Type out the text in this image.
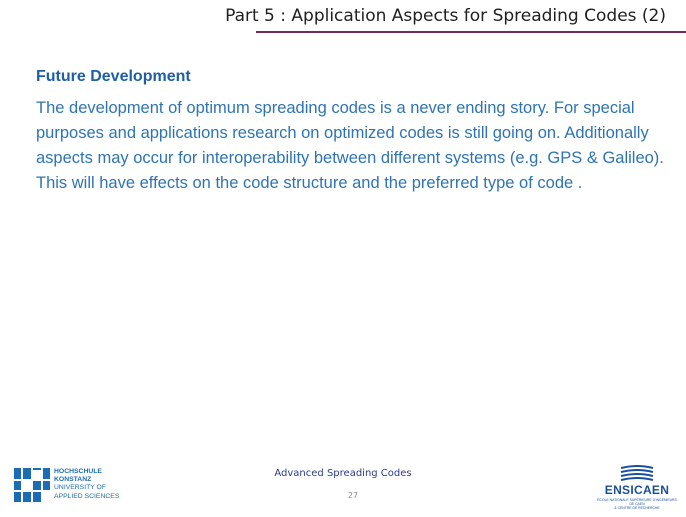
Part 5 : Application Aspects for Spreading Codes (2)
Future Development

The development of optimum spreading codes is a never ending story. For special purposes and applications research on optimized codes is still going on. Additionally aspects may occur for interoperability between different systems (e.g. GPS & Galileo). This will have effects on the code structure and the preferred type of code .

HOCHSCHULE
KONSTANZ
UNIVERSITY OF
APPLIED SCIENCES
Advanced Spreading Codes
27	ENSICAEN
ÉCOLE NATIONALE SUPÉRIEURE D'INGÉNIEURS DE CAEN
& CENTRE DE RECHERCHE
